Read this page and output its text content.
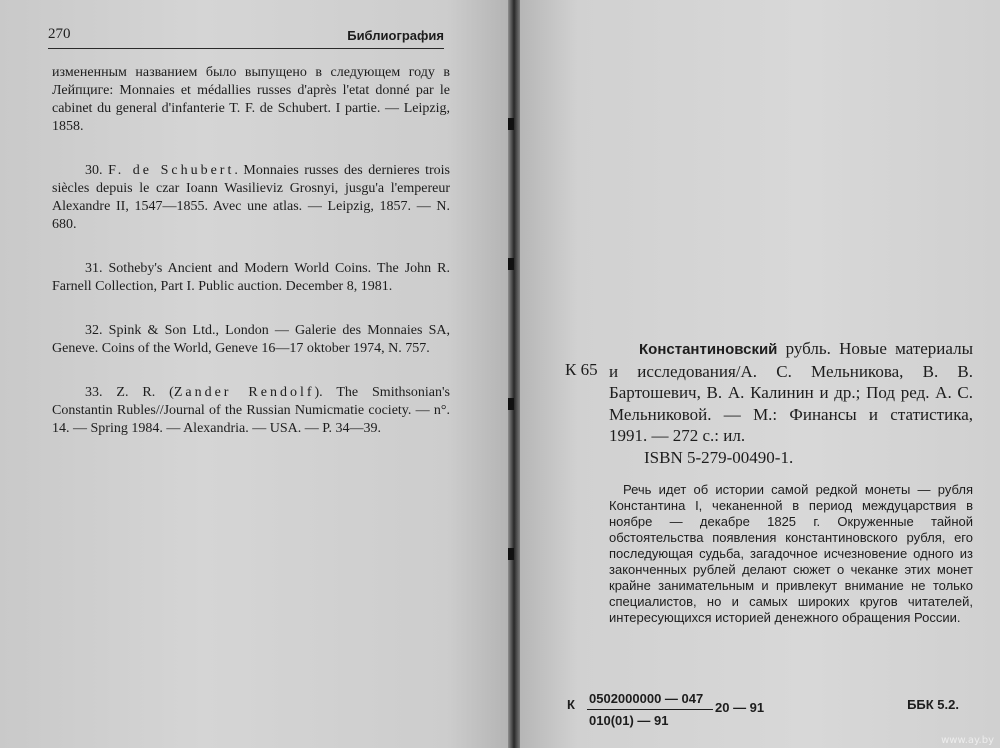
270	Библиография

измененным названием было выпущено в следующем году в Лейпциге: Monnaies et médallies russes d'après l'etat donné par le cabinet du general d'infanterie T. F. de Schubert. I partie. — Leipzig, 1858.

30. F. de Schubert. Monnaies russes des dernieres trois siècles depuis le czar Ioann Wasilieviz Grosnyi, jusgu'a l'empereur Alexandre II, 1547—1855. Avec une atlas. — Leipzig, 1857. — N. 680.

31. Sotheby's Ancient and Modern World Coins. The John R. Farnell Collection, Part I. Public auction. December 8, 1981.

32. Spink & Son Ltd., London — Galerie des Monnaies SA, Geneve. Coins of the World, Geneve 16—17 oktober 1974, N. 757.

33. Z. R. (Zander Rendolf). The Smithsonian's Constantin Rubles//Journal of the Russian Numicmatie cociety. — n°. 14. — Spring 1984. — Alexandria. — USA. — P. 34—39.

К 65
Константиновский рубль. Новые материалы и исследования/А. С. Мельникова, В. В. Бартошевич, В. А. Калинин и др.; Под ред. А. С. Мельниковой. — М.: Финансы и статистика, 1991. — 272 с.: ил.
ISBN 5-279-00490-1.
Речь идет об истории самой редкой монеты — рубля Константина I, чеканенной в период междуцарствия в ноябре — декабре 1825 г. Окруженные тайной обстоятельства появления константиновского рубля, его последующая судьба, загадочное исчезновение одного из законченных рублей делают сюжет о чеканке этих монет крайне занимательным и привлекут внимание не только специалистов, но и самых широких кругов читателей, интересующихся историей денежного обращения России.
К 0502000000 — 047
010(01) — 91
20 — 91	ББК 5.2.
www.ay.by
